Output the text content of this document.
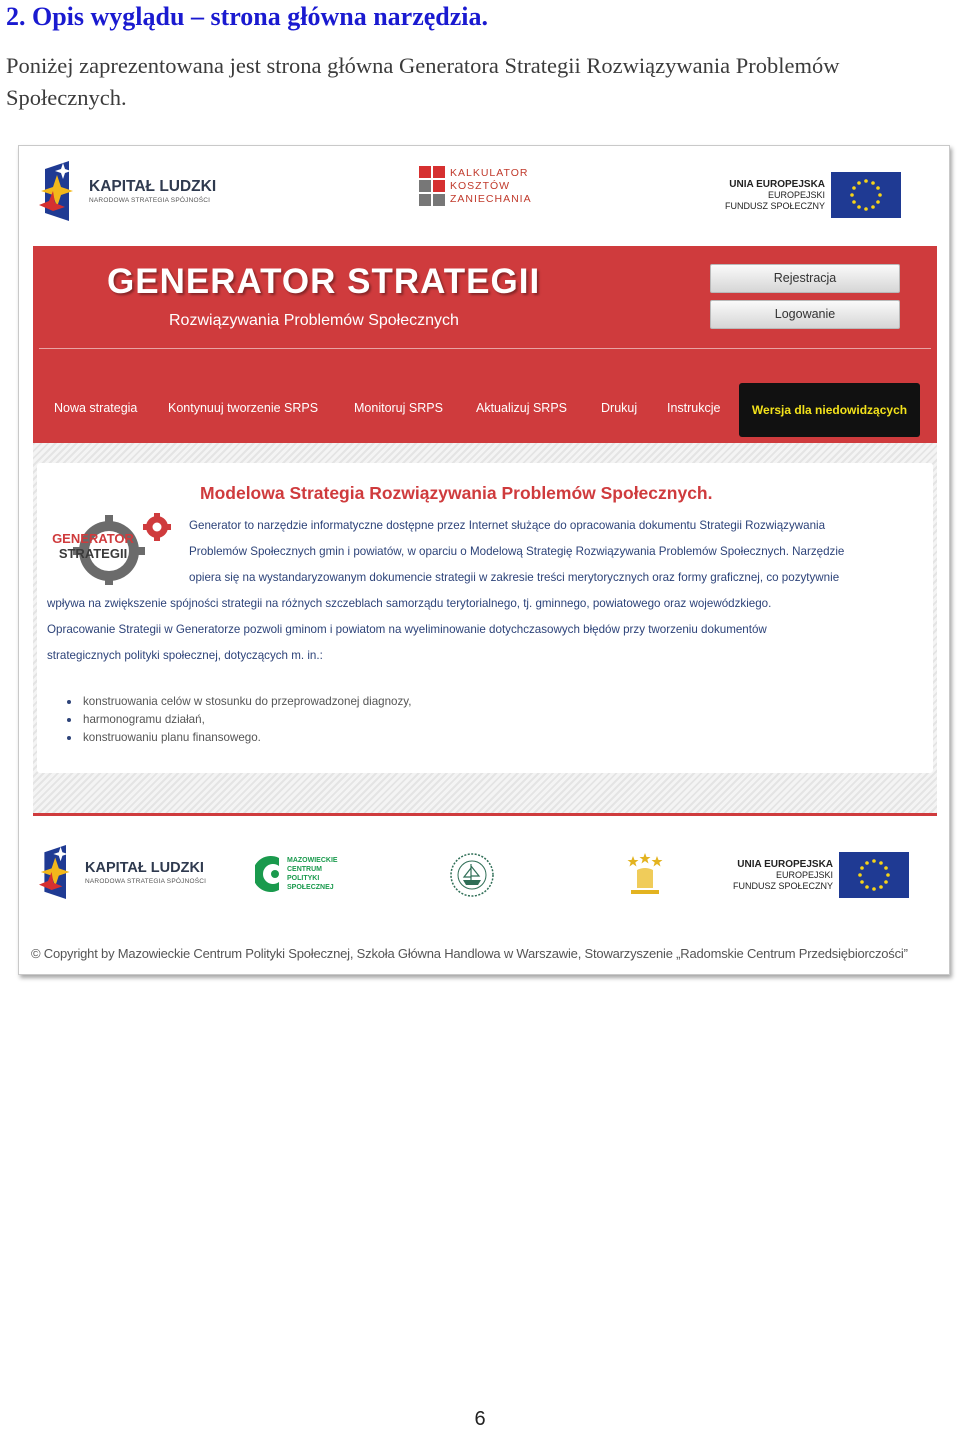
2. Opis wyglądu – strona główna narzędzia.
Poniżej zaprezentowana jest strona główna Generatora Strategii Rozwiązywania Problemów Społecznych.
KAPITAŁ LUDZKI
NARODOWA STRATEGIA SPÓJNOŚCI
KALKULATOR
KOSZTÓW
ZANIECHANIA
UNIA EUROPEJSKA
EUROPEJSKI
FUNDUSZ SPOŁECZNY
GENERATOR STRATEGII
Rozwiązywania Problemów Społecznych
Rejestracja
Logowanie
Nowa strategia Kontynuuj tworzenie SRPS	Monitoruj SRPS	Aktualizuj SRPS	Drukuj Instrukcje	Wersja dla niedowidzących
Modelowa Strategia Rozwiązywania Problemów Społecznych.
GENERATOR
STRATEGII
Generator to narzędzie informatyczne dostępne przez Internet służące do opracowania dokumentu Strategii Rozwiązywania
Problemów Społecznych gmin i powiatów, w oparciu o Modelową Strategię Rozwiązywania Problemów Społecznych. Narzędzie
opiera się na wystandaryzowanym dokumencie strategii w zakresie treści merytorycznych oraz formy graficznej, co pozytywnie
wpływa na zwiększenie spójności strategii na różnych szczeblach samorządu terytorialnego, tj. gminnego, powiatowego oraz wojewódzkiego.
Opracowanie Strategii w Generatorze pozwoli gminom i powiatom na wyeliminowanie dotychczasowych błędów przy tworzeniu dokumentów
strategicznych polityki społecznej, dotyczących m. in.:
konstruowania celów w stosunku do przeprowadzonej diagnozy,
harmonogramu działań,
konstruowaniu planu finansowego.
KAPITAŁ LUDZKI
NARODOWA STRATEGIA SPÓJNOŚCI
MAZOWIECKIE
CENTRUM
POLITYKI
SPOŁECZNEJ
UNIA EUROPEJSKA
EUROPEJSKI
FUNDUSZ SPOŁECZNY
© Copyright by Mazowieckie Centrum Polityki Społecznej, Szkoła Główna Handlowa w Warszawie, Stowarzyszenie „Radomskie Centrum Przedsiębiorczości”
6
